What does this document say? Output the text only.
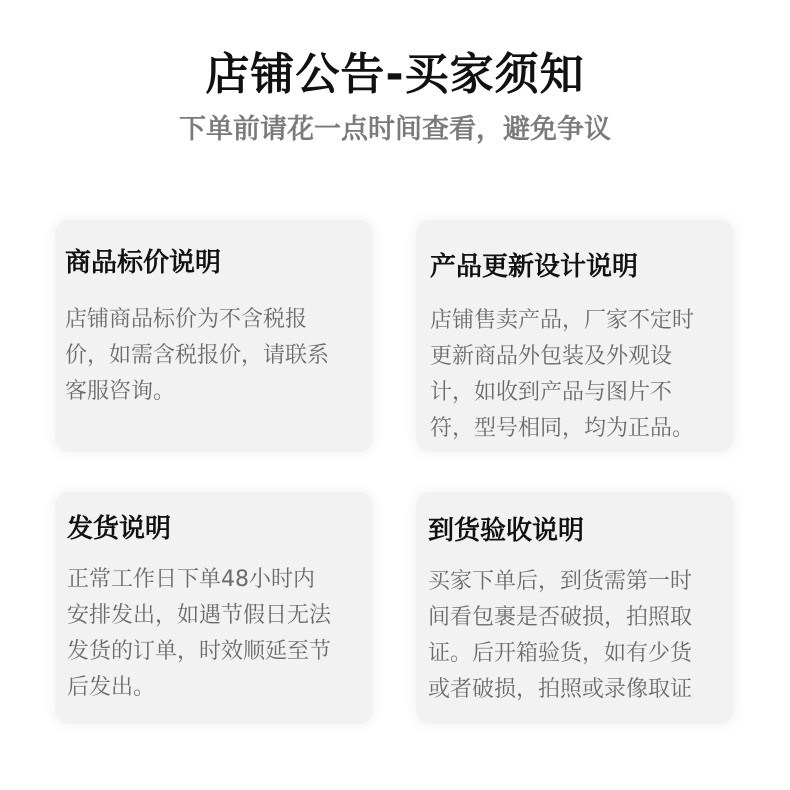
店铺公告-买家须知
下单前请花一点时间查看，避免争议
商品标价说明
店铺商品标价为不含税报
价，如需含税报价，请联系
客服咨询。
产品更新设计说明
店铺售卖产品，厂家不定时
更新商品外包装及外观设
计，如收到产品与图片不
符，型号相同，均为正品。
发货说明
正常工作日下单48小时内
安排发出，如遇节假日无法
发货的订单，时效顺延至节
后发出。
到货验收说明
买家下单后，到货需第一时
间看包裹是否破损，拍照取
证。后开箱验货，如有少货
或者破损，拍照或录像取证
